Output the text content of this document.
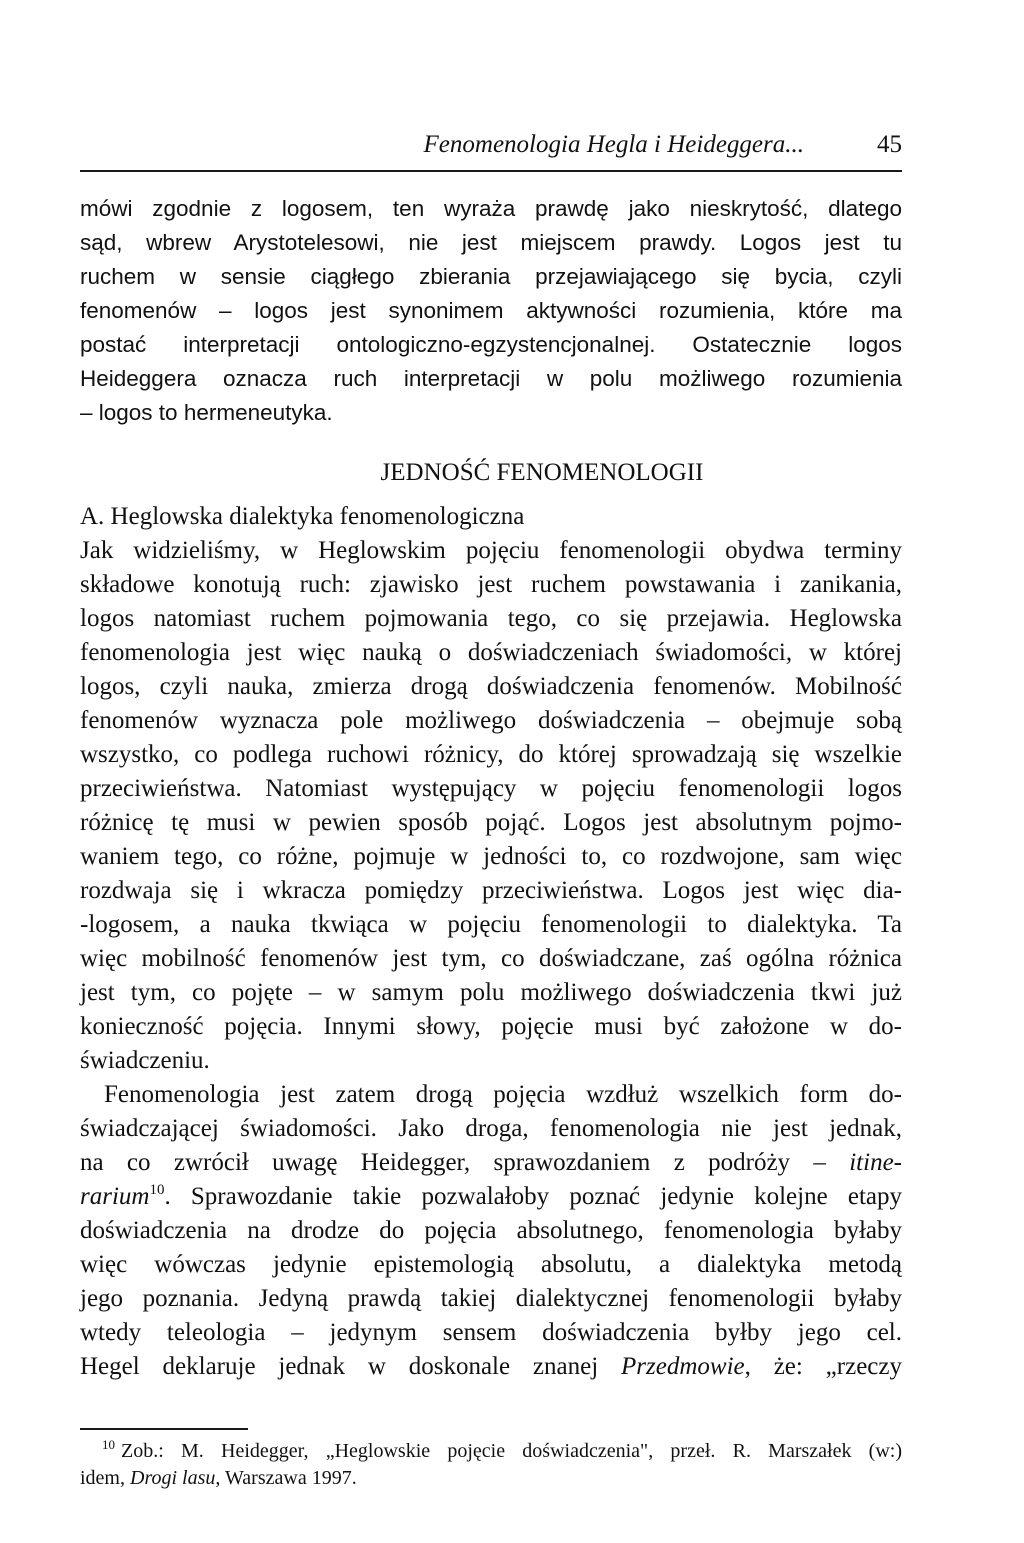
Fenomenologia Hegla i Heideggera...	45

mówi zgodnie z logosem, ten wyraża prawdę jako nieskrytość, dlatego
sąd, wbrew Arystotelesowi, nie jest miejscem prawdy. Logos jest tu
ruchem w sensie ciągłego zbierania przejawiającego się bycia, czyli
fenomenów – logos jest synonimem aktywności rozumienia, które ma
postać interpretacji ontologiczno-egzystencjonalnej. Ostatecznie logos
Heideggera oznacza ruch interpretacji w polu możliwego rozumienia
– logos to hermeneutyka.

JEDNOŚĆ FENOMENOLOGII

A. Heglowska dialektyka fenomenologiczna

Jak widzieliśmy, w Heglowskim pojęciu fenomenologii obydwa terminy
składowe konotują ruch: zjawisko jest ruchem powstawania i zanikania,
logos natomiast ruchem pojmowania tego, co się przejawia. Heglowska
fenomenologia jest więc nauką o doświadczeniach świadomości, w której
logos, czyli nauka, zmierza drogą doświadczenia fenomenów. Mobilność
fenomenów wyznacza pole możliwego doświadczenia – obejmuje sobą
wszystko, co podlega ruchowi różnicy, do której sprowadzają się wszelkie
przeciwieństwa. Natomiast występujący w pojęciu fenomenologii logos
różnicę tę musi w pewien sposób pojąć. Logos jest absolutnym pojmo-
waniem tego, co różne, pojmuje w jedności to, co rozdwojone, sam więc
rozdwaja się i wkracza pomiędzy przeciwieństwa. Logos jest więc dia-
-logosem, a nauka tkwiąca w pojęciu fenomenologii to dialektyka. Ta
więc mobilność fenomenów jest tym, co doświadczane, zaś ogólna różnica
jest tym, co pojęte – w samym polu możliwego doświadczenia tkwi już
konieczność pojęcia. Innymi słowy, pojęcie musi być założone w do-
świadczeniu.

Fenomenologia jest zatem drogą pojęcia wzdłuż wszelkich form do-
świadczającej świadomości. Jako droga, fenomenologia nie jest jednak,
na co zwrócił uwagę Heidegger, sprawozdaniem z podróży – itine-
rarium$^{10}$. Sprawozdanie takie pozwalałoby poznać jedynie kolejne etapy
doświadczenia na drodze do pojęcia absolutnego, fenomenologia byłaby
więc wówczas jedynie epistemologią absolutu, a dialektyka metodą
jego poznania. Jedyną prawdą takiej dialektycznej fenomenologii byłaby
wtedy teleologia – jedynym sensem doświadczenia byłby jego cel.
Hegel deklaruje jednak w doskonale znanej Przedmowie, że: „rzeczy

$^{10}$ Zob.: M. Heidegger, „Heglowskie pojęcie doświadczenia", przeł. R. Marszałek (w:)
idem, Drogi lasu, Warszawa 1997.
